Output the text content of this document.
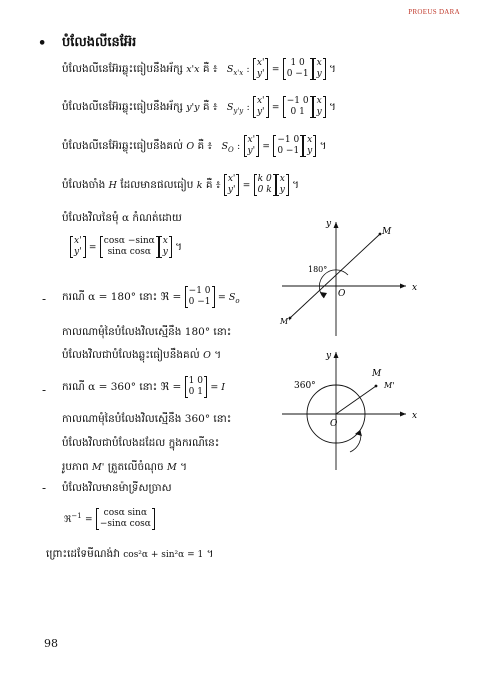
PROEUS DARA
• បំលែងលីនេអ៊ែរ
បំលែងលីនេអ៊ែរឆ្លុះធៀបនឹងអ័ក្ស x'x គឺ ៖ $S_{x'x}$ :
x'
y' =
1 0
0 −1
x
y ។
បំលែងលីនេអ៊ែរឆ្លុះធៀបនឹងអ័ក្ស y'y គឺ ៖ $S_{y'y}$ :
x'
y' =
−1 0
0 1
x
y ។
បំលែងលីនេអ៊ែរឆ្លុះធៀបនឹងគល់ O គឺ ៖ $S_O$ :
x'
y' =
−1 0
0 −1
x
y ។
បំលែងចាំង H ដែលមានផលធៀប k គឺ ៖ x'
y' =
k 0
0 k
x
y ។
បំលែងវិលនៃមុំ α កំណត់ដោយ
x'
y' =
cosα −sinα
sinα cosα
x
y ។
- ករណី α = 180° នោះ ℜ = −1 0
$0 -1 = S_o$
កាលណាមុំនៃបំលែងវិលស្មើនឹង 180° នោះ
បំលែងវិលជាបំលែងឆ្លុះធៀបនឹងគល់ O ។
- ករណី α = 360° នោះ ℜ = 1 0
0 1 = I
កាលណាមុំនៃបំលែងវិលស្មើនឹង 360° នោះ
បំលែងវិលជាបំលែងដដែល ក្នុងករណីនេះ
រូបភាព M' ត្រួតលើចំណុច M ។
- បំលែងវិលមានម៉ាទ្រីសច្រាស
ℜ$^{-1}$ =
cosα sinα
−sinα cosα
ព្រោះដេទែមីណង់វា cos²α + sin²α = 1 ។
x
y
O
M
M'
180°
x
y
O
M
M'
360°
98
